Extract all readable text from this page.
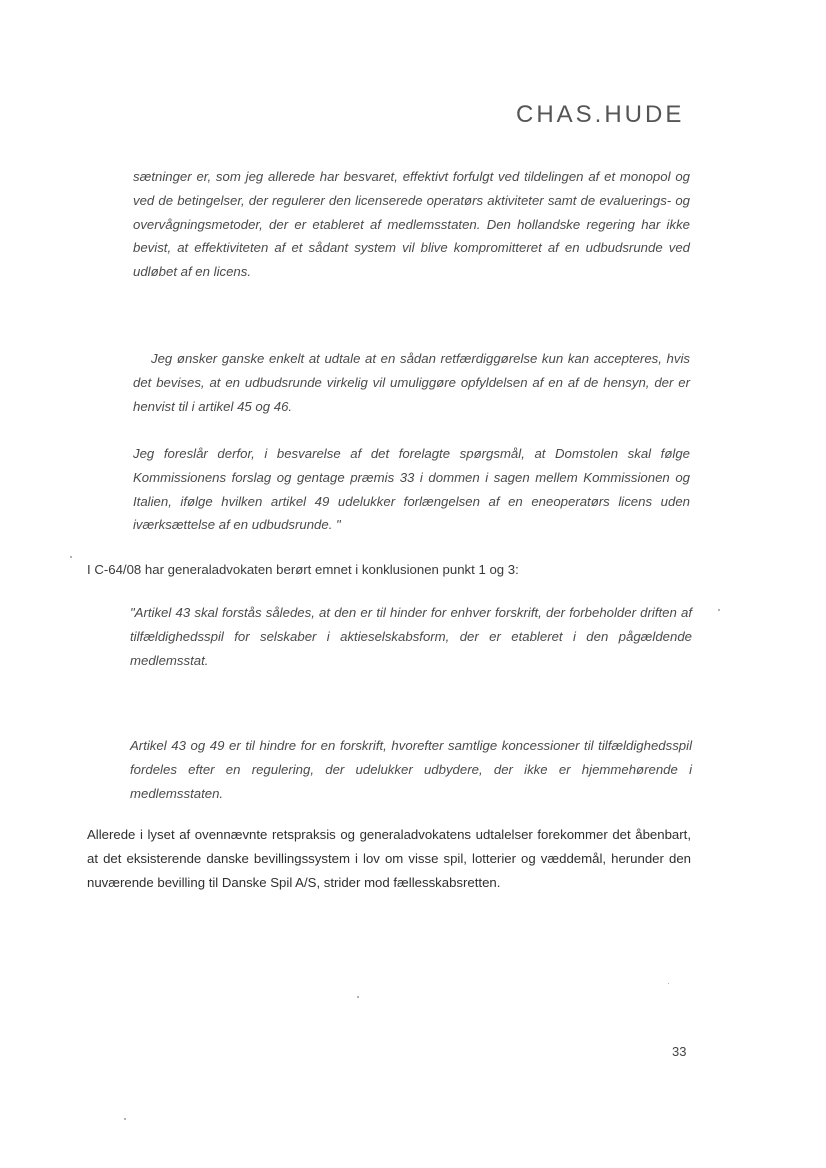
CHAS.HUDE

sætninger er, som jeg allerede har besvaret, effektivt forfulgt ved tildelingen af et monopol og ved de betingelser, der regulerer den licenserede operatørs aktiviteter samt de evaluerings- og overvågningsmetoder, der er etableret af medlemsstaten. Den hollandske regering har ikke bevist, at effektiviteten af et sådant system vil blive kompromitteret af en udbudsrunde ved udløbet af en licens.

Jeg ønsker ganske enkelt at udtale at en sådan retfærdiggørelse kun kan accepteres, hvis det bevises, at en udbudsrunde virkelig vil umuliggøre opfyldelsen af en af de hensyn, der er henvist til i artikel 45 og 46.

Jeg foreslår derfor, i besvarelse af det forelagte spørgsmål, at Domstolen skal følge Kommissionens forslag og gentage præmis 33 i dommen i sagen mellem Kommissionen og Italien, ifølge hvilken artikel 49 udelukker forlængelsen af en eneoperatørs licens uden iværksættelse af en udbudsrunde. "

I C-64/08 har generaladvokaten berørt emnet i konklusionen punkt 1 og 3:

"Artikel 43 skal forstås således, at den er til hinder for enhver forskrift, der forbeholder driften af tilfældighedsspil for selskaber i aktieselskabsform, der er etableret i den pågældende medlemsstat.

Artikel 43 og 49 er til hindre for en forskrift, hvorefter samtlige koncessioner til tilfældighedsspil fordeles efter en regulering, der udelukker udbydere, der ikke er hjemmehørende i medlemsstaten.

Allerede i lyset af ovennævnte retspraksis og generaladvokatens udtalelser forekommer det åbenbart, at det eksisterende danske bevillingssystem i lov om visse spil, lotterier og væddemål, herunder den nuværende bevilling til Danske Spil A/S, strider mod fællesskabsretten.

33
